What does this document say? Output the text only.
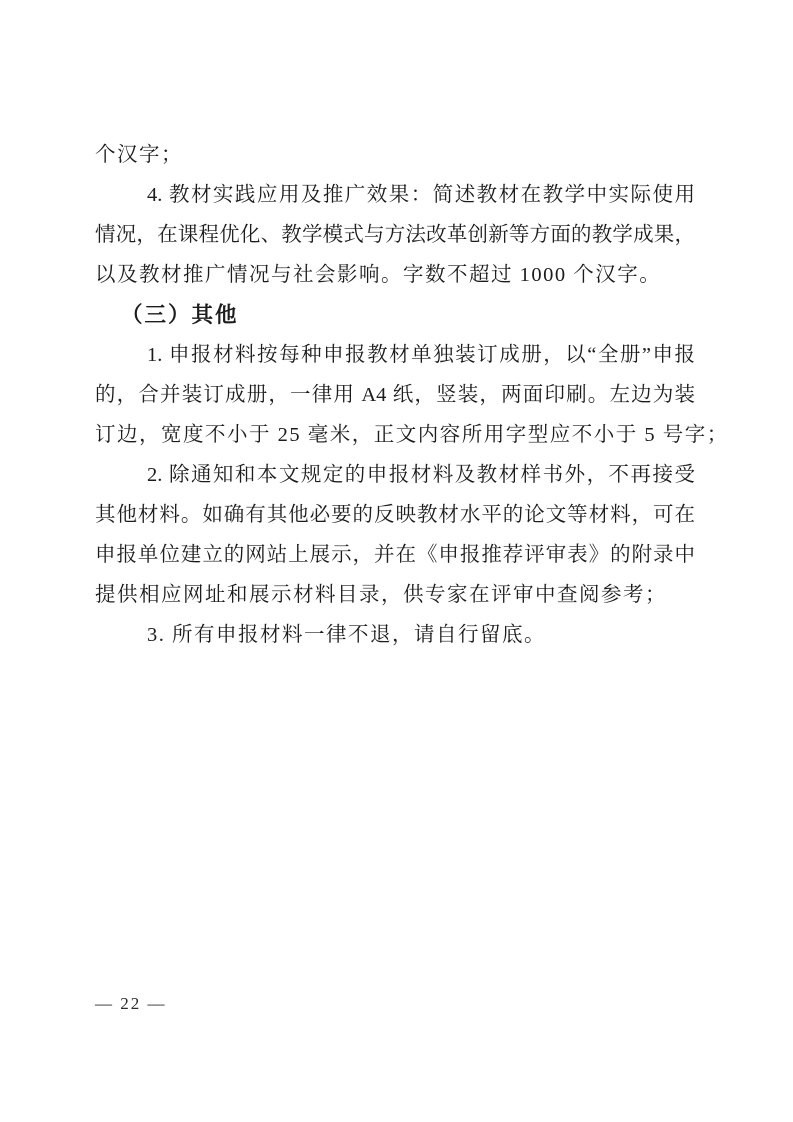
个汉字；
4. 教材实践应用及推广效果：简述教材在教学中实际使用
情况，在课程优化、教学模式与方法改革创新等方面的教学成果，
以及教材推广情况与社会影响。字数不超过 1000 个汉字。
（三）其他
1. 申报材料按每种申报教材单独装订成册，以“全册”申报
的，合并装订成册，一律用 A4 纸，竖装，两面印刷。左边为装
订边，宽度不小于 25 毫米，正文内容所用字型应不小于 5 号字；
2. 除通知和本文规定的申报材料及教材样书外，不再接受
其他材料。如确有其他必要的反映教材水平的论文等材料，可在
申报单位建立的网站上展示，并在《申报推荐评审表》的附录中
提供相应网址和展示材料目录，供专家在评审中查阅参考；
3. 所有申报材料一律不退，请自行留底。
— 22 —
